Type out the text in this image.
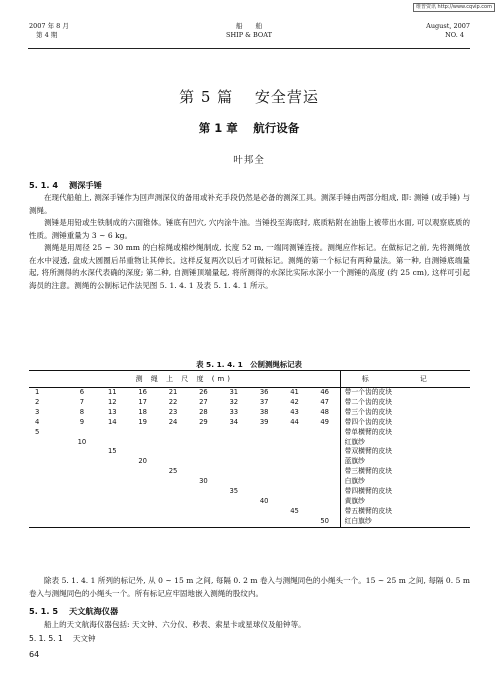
2007 年 8 月
第 4 期
船　　舶
SHIP & BOAT
August, 2007
NO. 4
维普资讯 http://www.cqvip.com
第 5 篇　 安全营运
第 1 章　 航行设备
叶邦全
5. 1. 4 　测深手锤

在现代船舶上, 测深手锤作为回声测深仪的备用或补充手段仍然是必备的测深工具。测深手锤由两部分组成, 即: 测锤 (或手锤) 与测绳。

测锤是用铅或生铁制成的六面锥体。锤底有凹穴, 穴内涂牛油。当锤投至海底时, 底质粘附在油脂上被带出水面, 可以观察底质的性质。测锤重量为 3 ~ 6 kg。

测绳是用周径 25 ~ 30 mm 的白棕绳或棉纱绳制成, 长度 52 m, 一端同测锤连接。测绳应作标记。在做标记之前, 先将测绳放在水中浸透, 盘成大圆圈后吊重物让其伸长。这样反复两次以后才可做标记。测绳的第一个标记有两种量法。第一种, 自测锤底端量起, 将所测得的水深代表确的深度; 第二种, 自测锤顶端量起, 将所测得的水深比实际水深小一个测锤的高度 (约 25 cm), 这样可引起海员的注意。测绳的公制标记作法见图 5. 1. 4. 1 及表 5. 1. 4. 1 所示。

表 5. 1. 4. 1　公制测绳标记表
测 绳 上 尺 度 (m)										标　记
1	6	11	16	21	26	31	36	41	46	带一个齿的皮块
2	7	12	17	22	27	32	37	42	47	带二个齿的皮块
3	8	13	18	23	28	33	38	43	48	带三个齿的皮块
4	9	14	19	24	29	34	39	44	49	带四个齿的皮块
5										带单横臂的皮块
	10									红旗纱
		15								带双横臂的皮块
			20							蓝旗纱
				25						带三横臂的皮块
					30					白旗纱
						35				带四横臂的皮块
							40			黄旗纱
								45		带五横臂的皮块
									50	红白旗纱

除表 5. 1. 4. 1 所列的标记外, 从 0 ~ 15 m 之间, 每隔 0. 2 m 卷入与测绳同色的小绳头一个。15 ~ 25 m 之间, 每隔 0. 5 m 卷入与测绳同色的小绳头一个。所有标记应牢固地嵌入测绳的股纹内。

5. 1. 5 　天文航海仪器

船上的天文航海仪器包括: 天文钟、六分仪、秒表、索星卡或星球仪及船钟等。

5. 1. 5. 1 　天文钟
64
